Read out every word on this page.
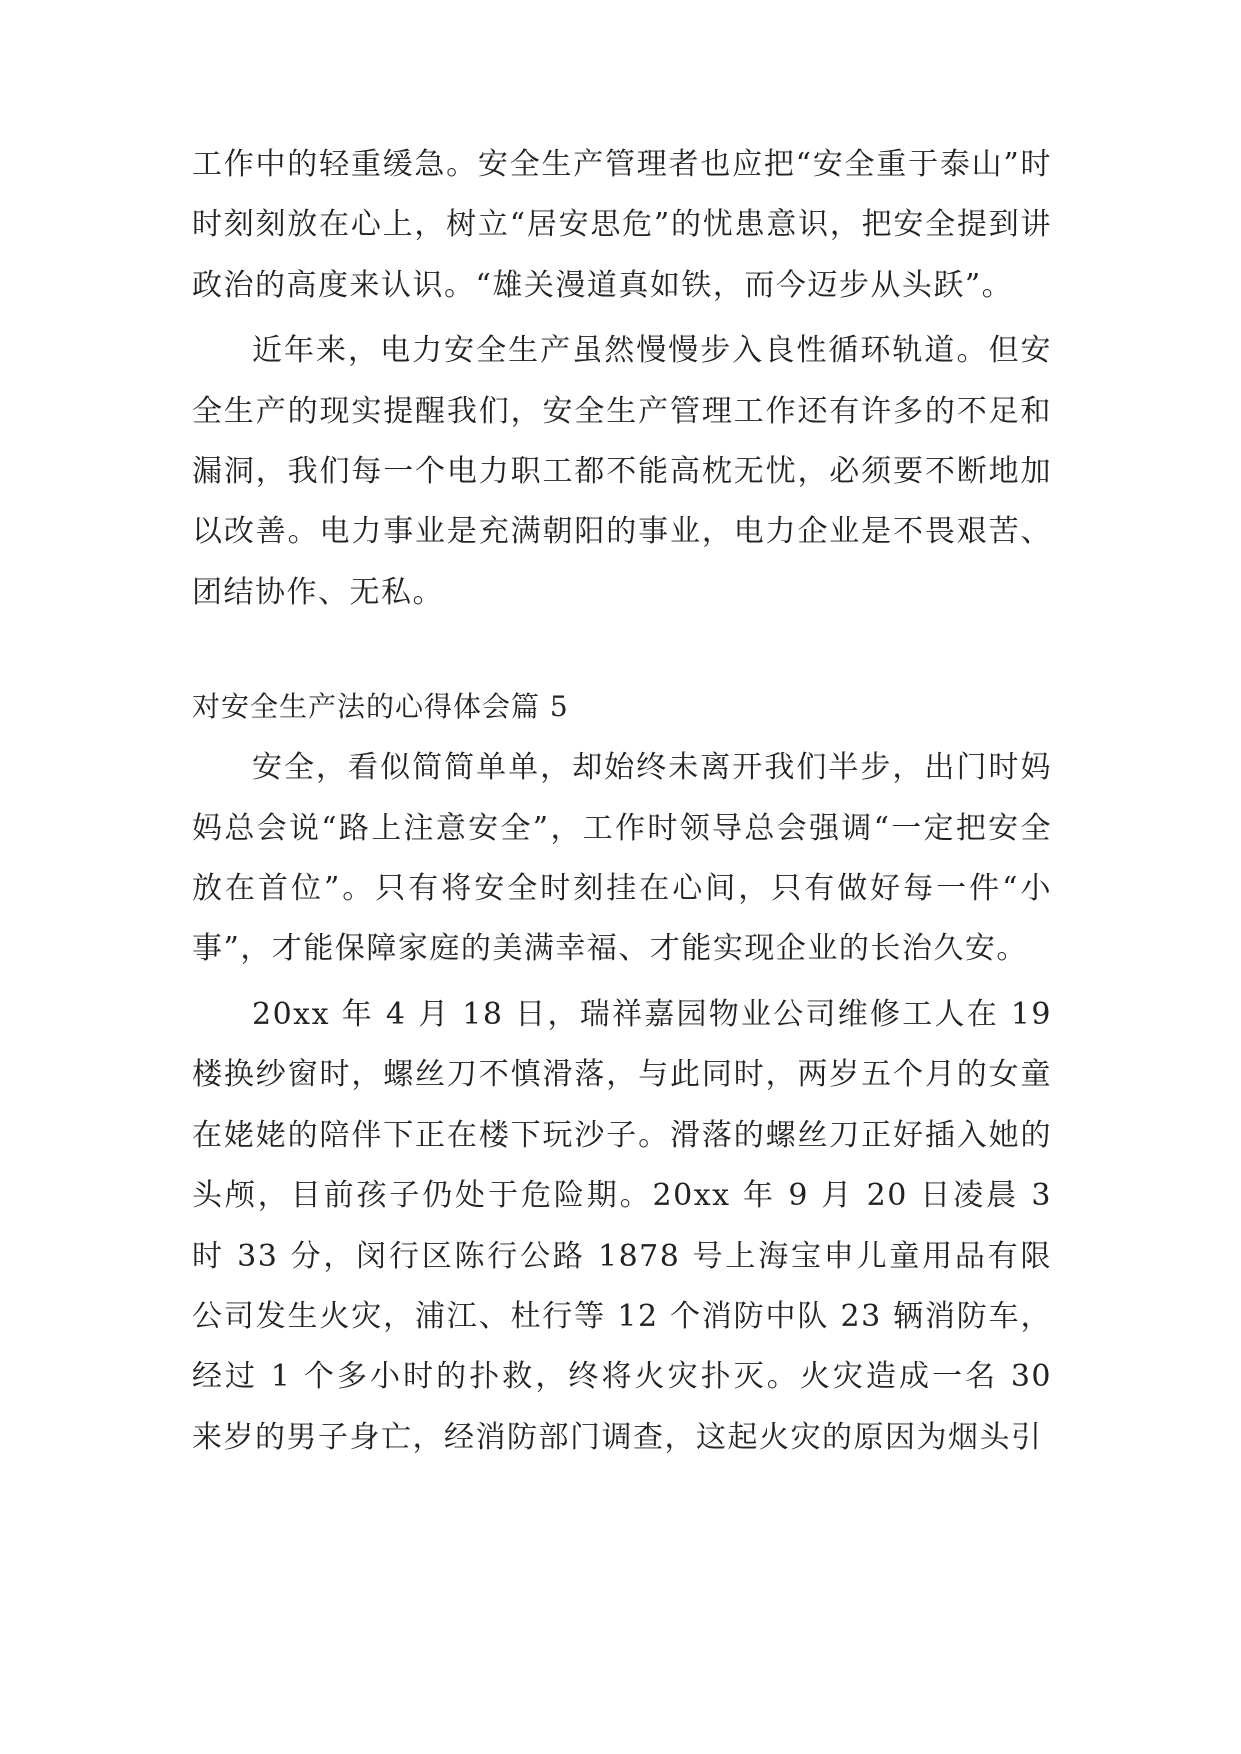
工作中的轻重缓急。安全生产管理者也应把“安全重于泰山”时时刻刻放在心上，树立“居安思危”的忧患意识，把安全提到讲政治的高度来认识。“雄关漫道真如铁，而今迈步从头跃”。

近年来，电力安全生产虽然慢慢步入良性循环轨道。但安全生产的现实提醒我们，安全生产管理工作还有许多的不足和漏洞，我们每一个电力职工都不能高枕无忧，必须要不断地加以改善。电力事业是充满朝阳的事业，电力企业是不畏艰苦、团结协作、无私。

对安全生产法的心得体会篇 5

安全，看似简简单单，却始终未离开我们半步，出门时妈妈总会说“路上注意安全”，工作时领导总会强调“一定把安全放在首位”。只有将安全时刻挂在心间，只有做好每一件“小事”，才能保障家庭的美满幸福、才能实现企业的长治久安。

20xx 年 4 月 18 日，瑞祥嘉园物业公司维修工人在 19 楼换纱窗时，螺丝刀不慎滑落，与此同时，两岁五个月的女童在姥姥的陪伴下正在楼下玩沙子。滑落的螺丝刀正好插入她的头颅，目前孩子仍处于危险期。20xx 年 9 月 20 日凌晨 3 时 33 分，闵行区陈行公路 1878 号上海宝申儿童用品有限公司发生火灾，浦江、杜行等 12 个消防中队 23 辆消防车，经过 1 个多小时的扑救，终将火灾扑灭。火灾造成一名 30 来岁的男子身亡，经消防部门调查，这起火灾的原因为烟头引
